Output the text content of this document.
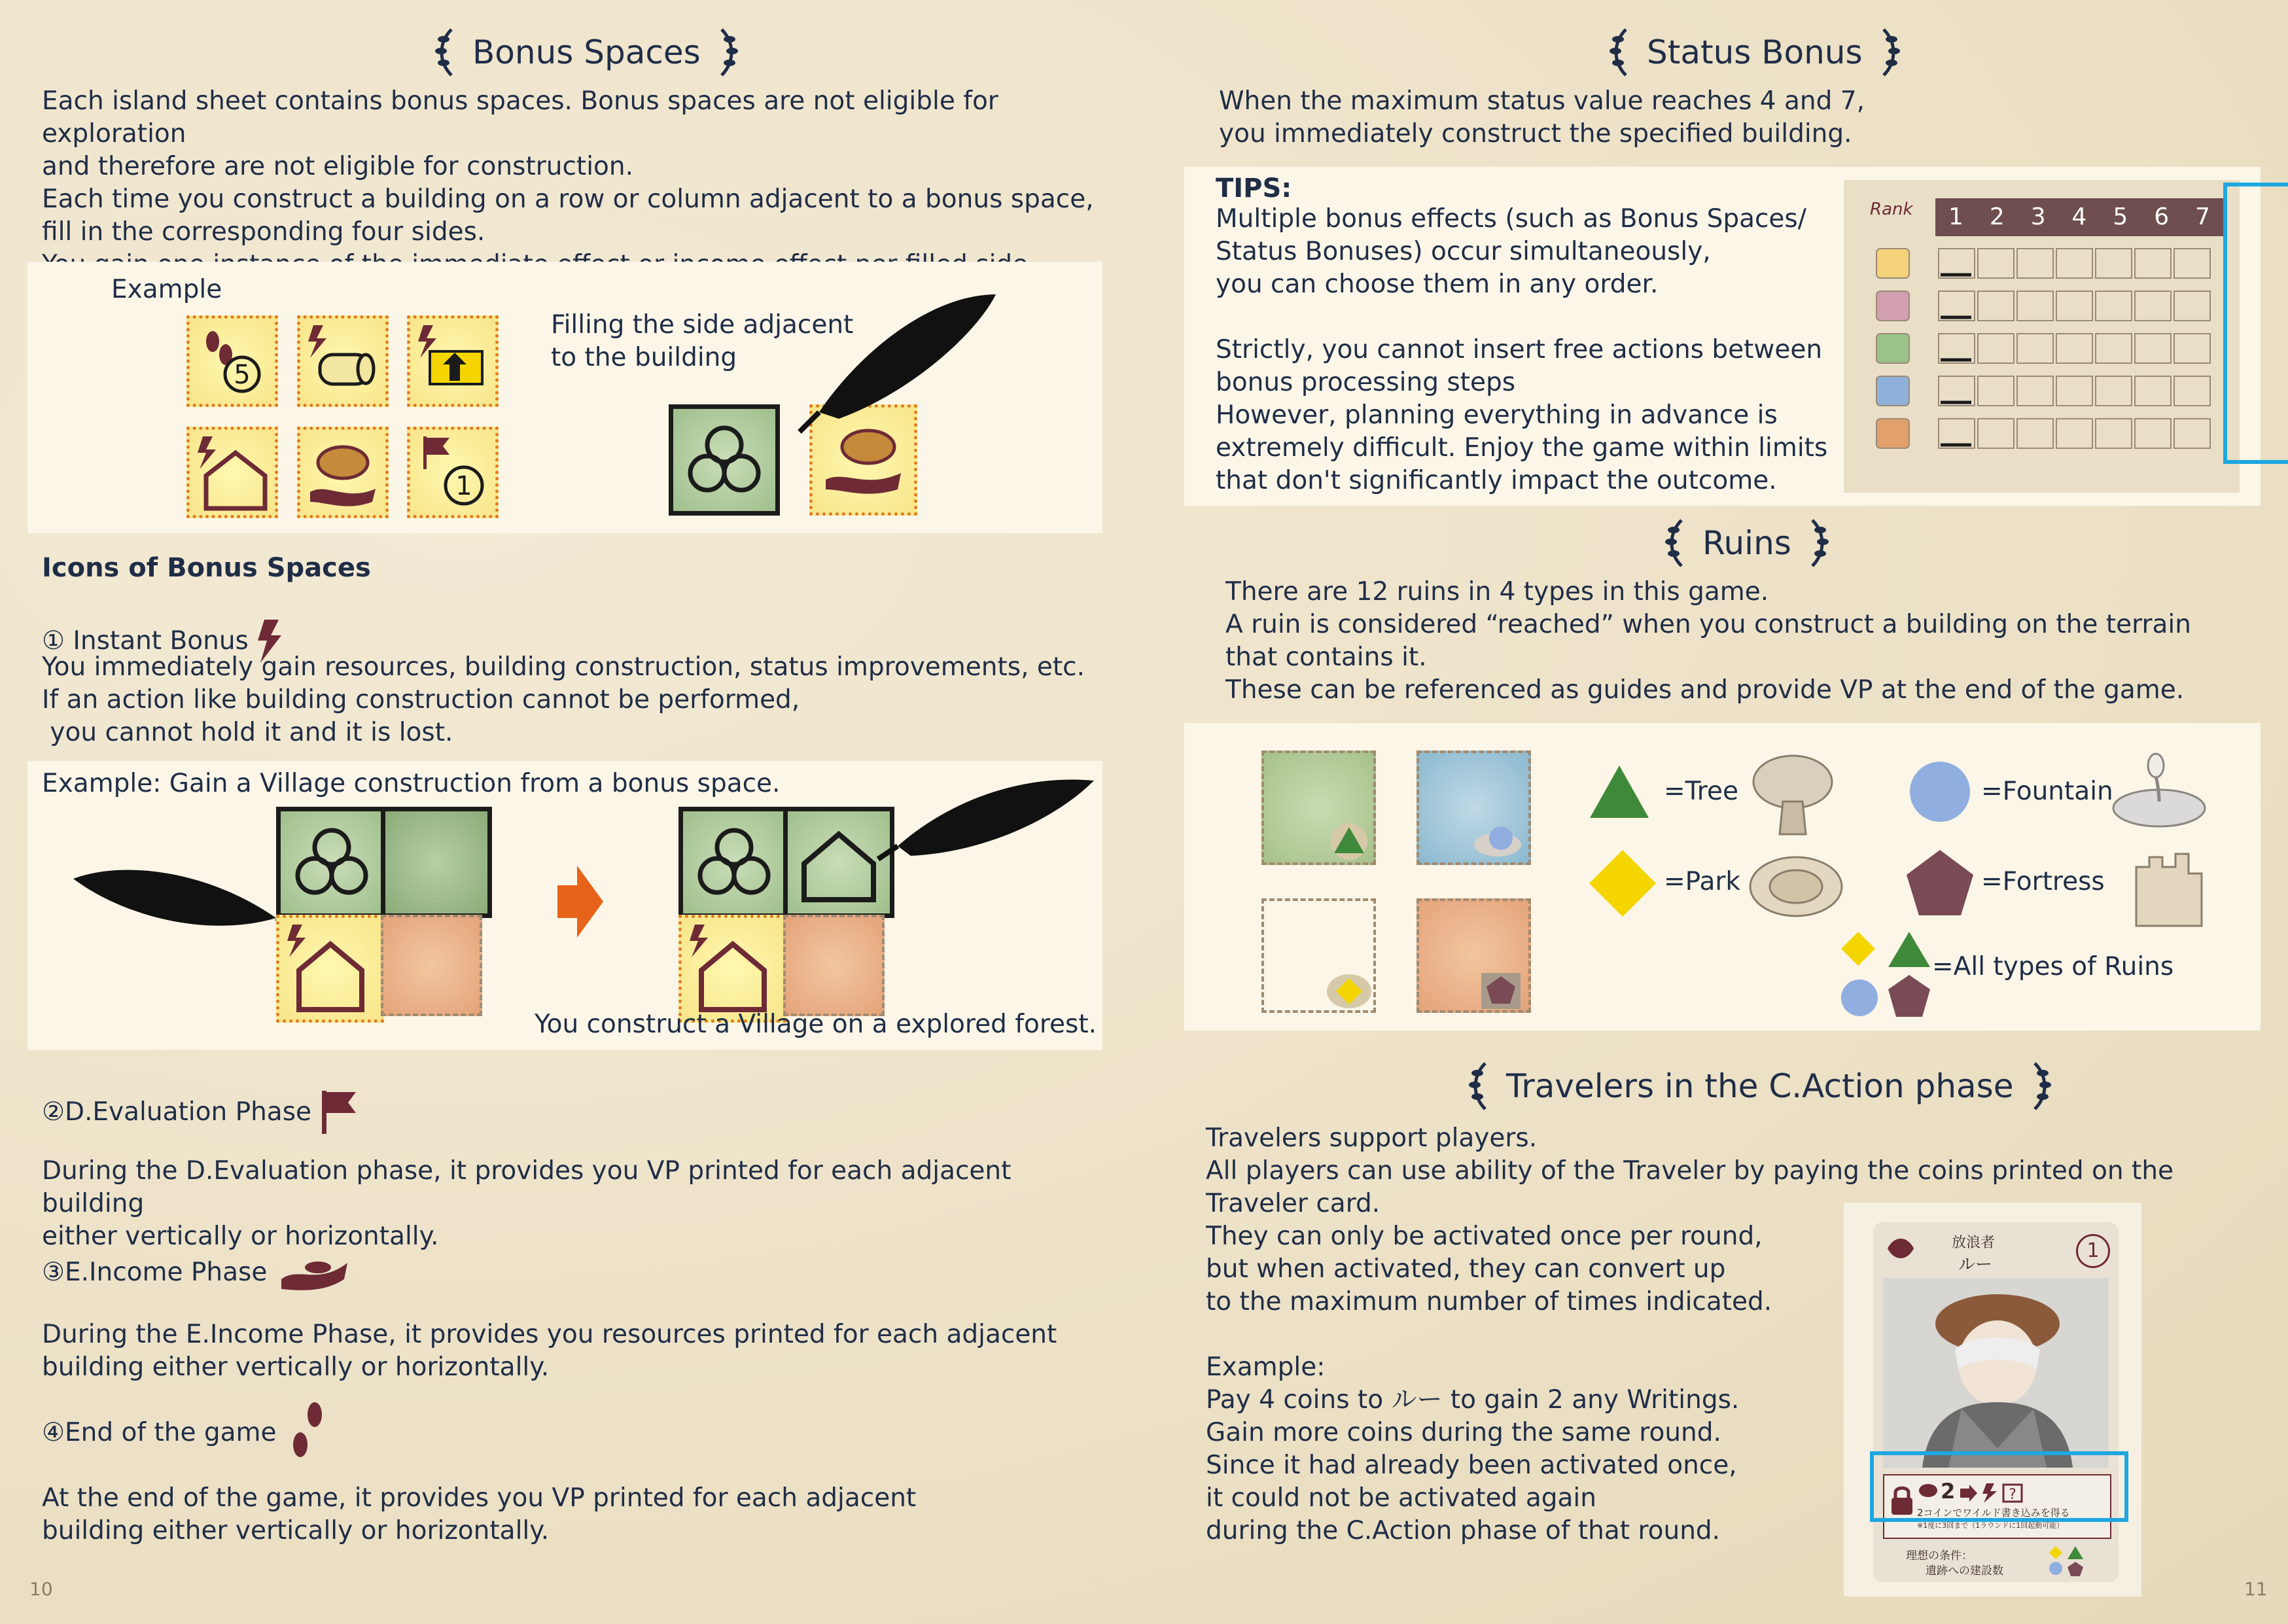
Bonus Spaces
Each island sheet contains bonus spaces. Bonus spaces are not eligible for exploration
and therefore are not eligible for construction.
Each time you construct a building on a row or column adjacent to a bonus space,
fill in the corresponding four sides.
Example
5
1
Filling the side adjacent
to the building
Icons of Bonus Spaces
① Instant Bonus
You immediately gain resources, building construction, status improvements, etc.
If an action like building construction cannot be performed,
you cannot hold it and it is lost.
Example: Gain a Village construction from a bonus space.
You construct a Village on a explored forest.
②D.Evaluation Phase
During the D.Evaluation phase, it provides you VP printed for each adjacent building
either vertically or horizontally.
③E.Income Phase
During the E.Income Phase, it provides you resources printed for each adjacent
building either vertically or horizontally.
④End of the game
At the end of the game, it provides you VP printed for each adjacent
building either vertically or horizontally.
10
Status Bonus
When the maximum status value reaches 4 and 7,
you immediately construct the specified building.
TIPS:
Multiple bonus effects (such as Bonus Spaces/
Status Bonuses) occur simultaneously,
you can choose them in any order.
Strictly, you cannot insert free actions between
bonus processing steps
However, planning everything in advance is
extremely difficult. Enjoy the game within limits
that don't significantly impact the outcome.
Rank	1	2	3	4	5	6	7
Ruins
There are 12 ruins in 4 types in this game.
A ruin is considered “reached” when you construct a building on the terrain
that contains it.
These can be referenced as guides and provide VP at the end of the game.
=Tree	=Fountain
=Park	=Fortress
=All types of Ruins
Travelers in the C.Action phase
Travelers support players.
All players can use ability of the Traveler by paying the coins printed on the
Traveler card.
They can only be activated once per round,
but when activated, they can convert up
to the maximum number of times indicated.
Example:
Pay 4 coins to ルー to gain 2 any Writings.
Gain more coins during the same round.
Since it had already been activated once,
it could not be activated again
during the C.Action phase of that round.
放浪者
ルー
1
2	?
2コインでワイルド書き込みを得る
※1度に3回まで（1ラウンドに1回起動可能）
理想の条件：
遺跡への建設数
11
